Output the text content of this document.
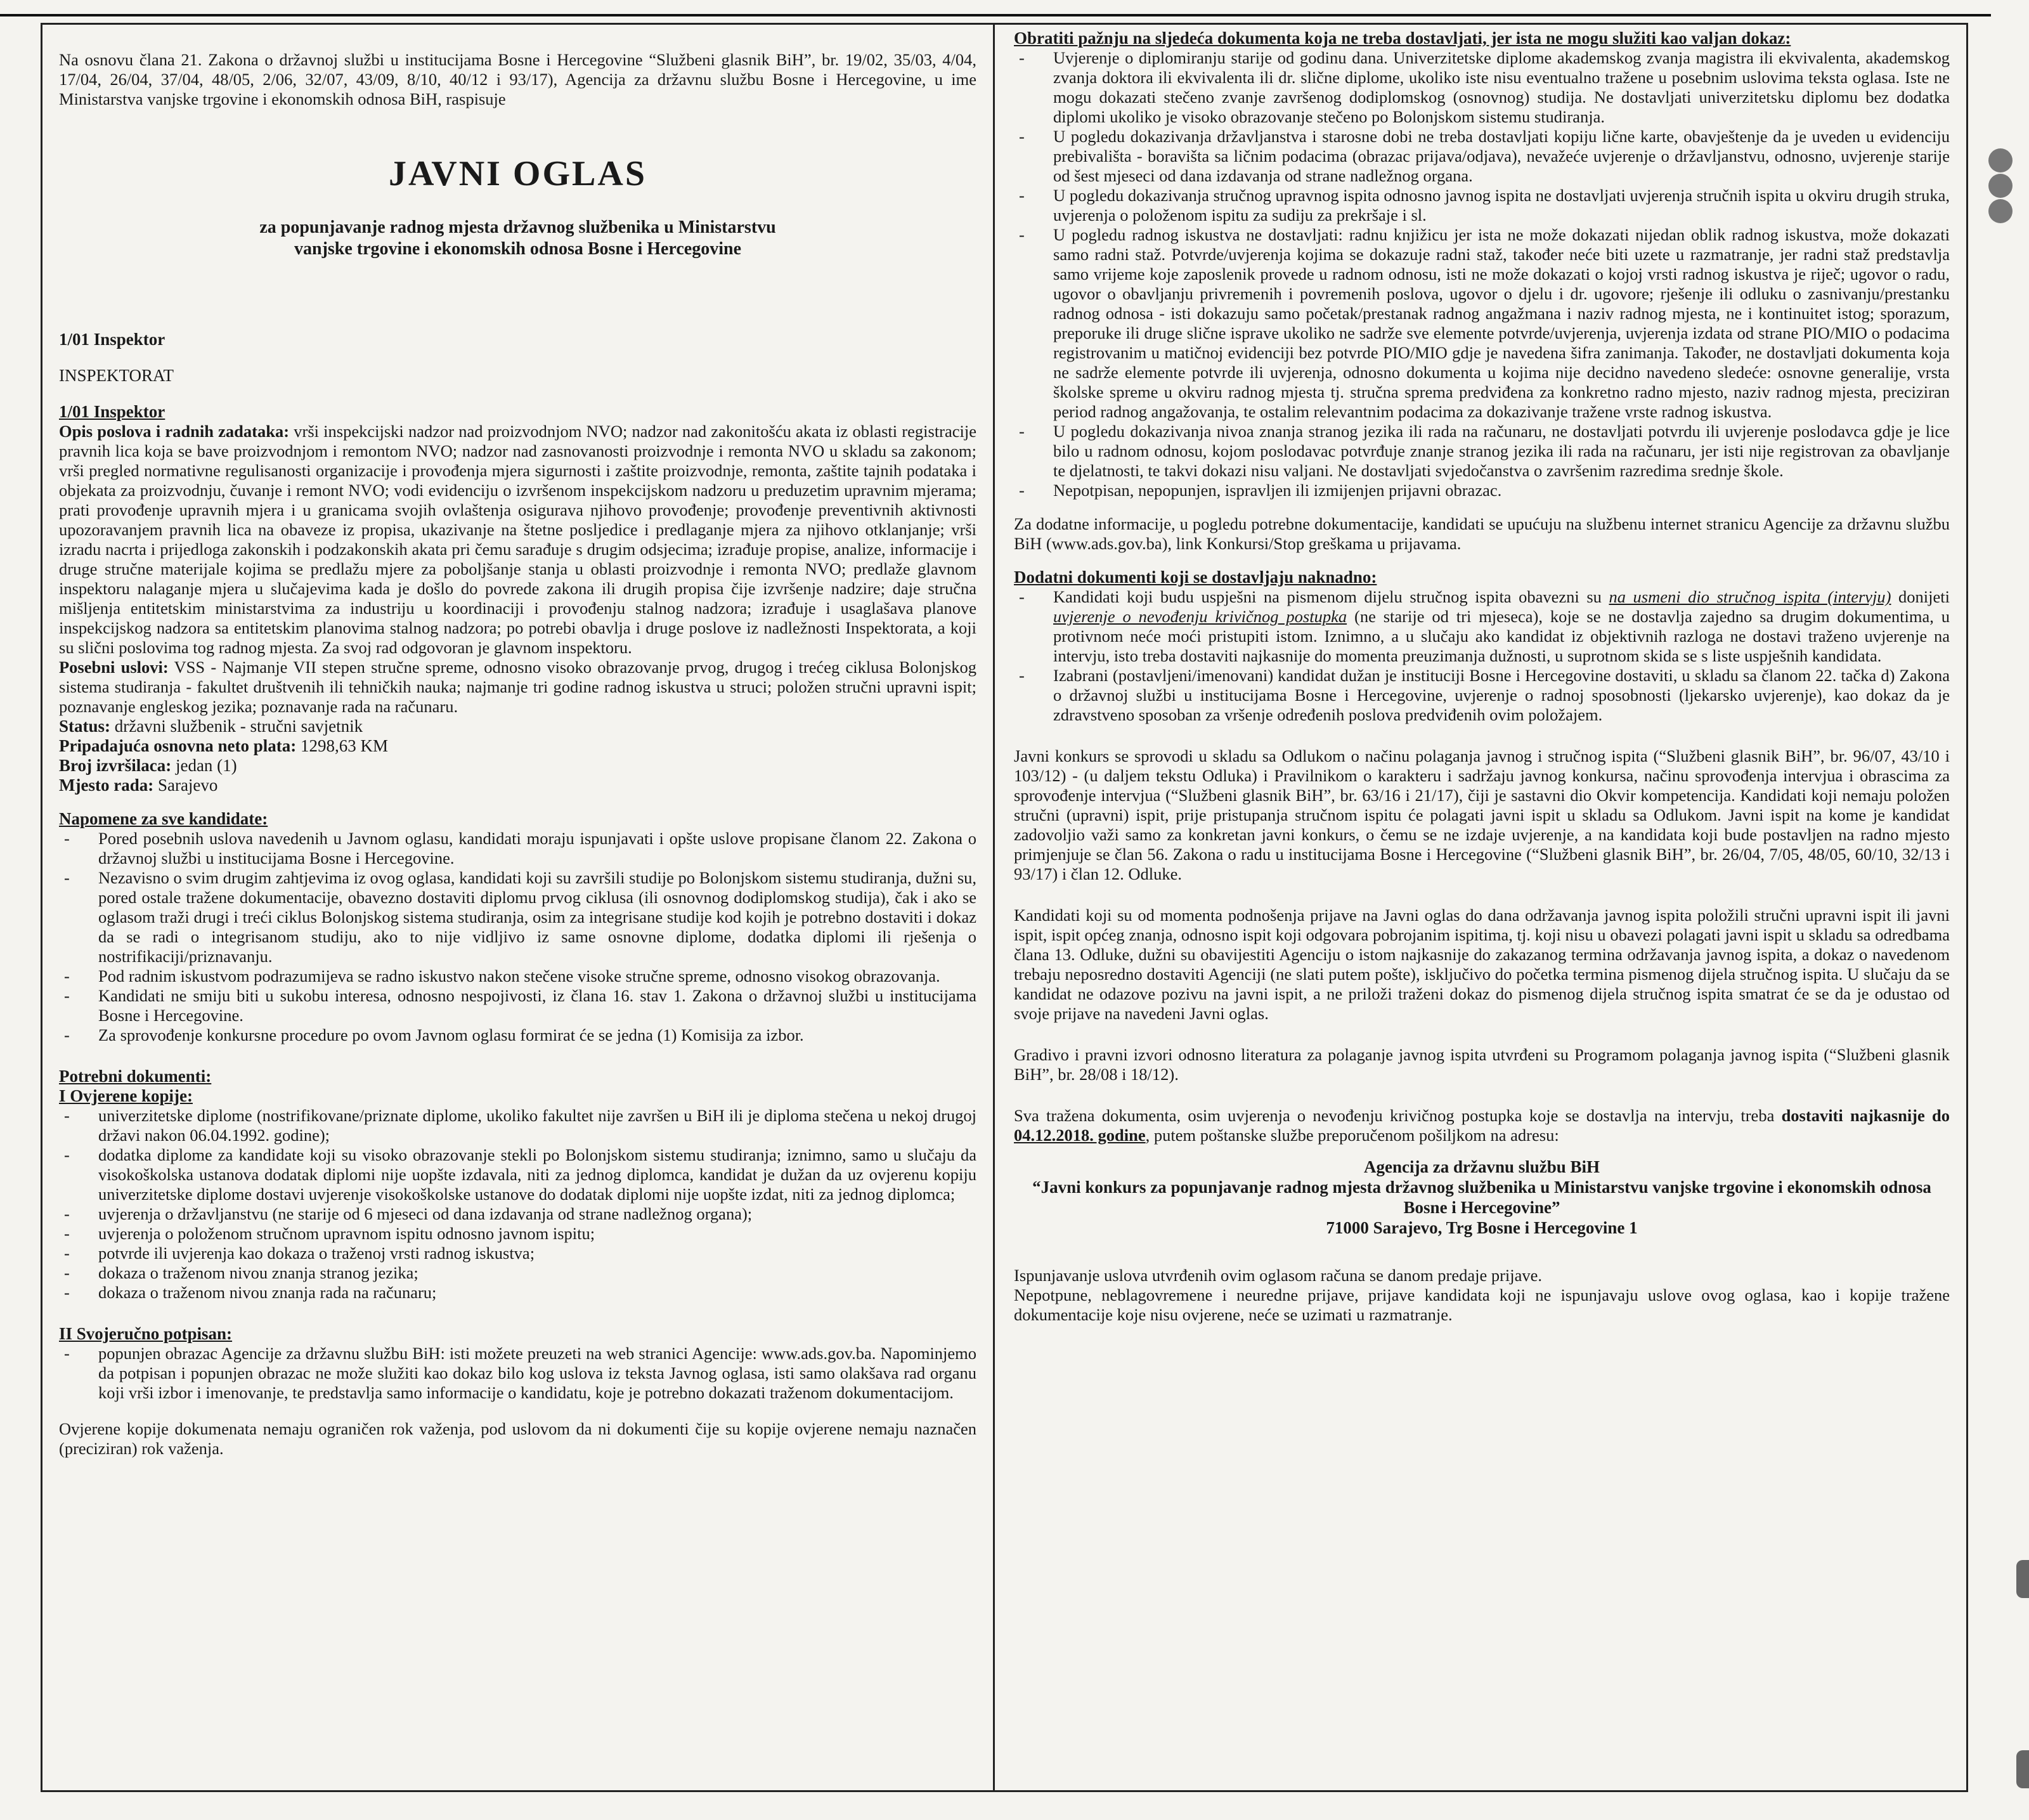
Na osnovu člana 21. Zakona o državnoj službi u institucijama Bosne i Hercegovine “Službeni glasnik BiH”, br. 19/02, 35/03, 4/04, 17/04, 26/04, 37/04, 48/05, 2/06, 32/07, 43/09, 8/10, 40/12 i 93/17), Agencija za državnu službu Bosne i Hercegovine, u ime Ministarstva vanjske trgovine i ekonomskih odnosa BiH, raspisuje

JAVNI OGLAS
za popunjavanje radnog mjesta državnog službenika u Ministarstvu
vanjske trgovine i ekonomskih odnosa Bosne i Hercegovine
1/01 Inspektor
INSPEKTORAT
1/01 Inspektor

Opis poslova i radnih zadataka: vrši inspekcijski nadzor nad proizvodnjom NVO; nadzor nad zakonitošću akata iz oblasti registracije pravnih lica koja se bave proizvodnjom i remontom NVO; nadzor nad zasnovanosti proizvodnje i remonta NVO u skladu sa zakonom; vrši pregled normativne regulisanosti organizacije i provođenja mjera sigurnosti i zaštite proizvodnje, remonta, zaštite tajnih podataka i objekata za proizvodnju, čuvanje i remont NVO; vodi evidenciju o izvršenom inspekcijskom nadzoru u preduzetim upravnim mjerama; prati provođenje upravnih mjera i u granicama svojih ovlaštenja osigurava njihovo provođenje; provođenje preventivnih aktivnosti upozoravanjem pravnih lica na obaveze iz propisa, ukazivanje na štetne posljedice i predlaganje mjera za njihovo otklanjanje; vrši izradu nacrta i prijedloga zakonskih i podzakonskih akata pri čemu sarađuje s drugim odsjecima; izrađuje propise, analize, informacije i druge stručne materijale kojima se predlažu mjere za poboljšanje stanja u oblasti proizvodnje i remonta NVO; predlaže glavnom inspektoru nalaganje mjera u slučajevima kada je došlo do povrede zakona ili drugih propisa čije izvršenje nadzire; daje stručna mišljenja entitetskim ministarstvima za industriju u koordinaciji i provođenju stalnog nadzora; izrađuje i usaglašava planove inspekcijskog nadzora sa entitetskim planovima stalnog nadzora; po potrebi obavlja i druge poslove iz nadležnosti Inspektorata, a koji su slični poslovima tog radnog mjesta. Za svoj rad odgovoran je glavnom inspektoru.

Posebni uslovi: VSS - Najmanje VII stepen stručne spreme, odnosno visoko obrazovanje prvog, drugog i trećeg ciklusa Bolonjskog sistema studiranja - fakultet društvenih ili tehničkih nauka; najmanje tri godine radnog iskustva u struci; položen stručni upravni ispit; poznavanje engleskog jezika; poznavanje rada na računaru.

Status: državni službenik - stručni savjetnik
Pripadajuća osnovna neto plata: 1298,63 KM
Broj izvršilaca: jedan (1)
Mjesto rada: Sarajevo
Napomene za sve kandidate:
- Pored posebnih uslova navedenih u Javnom oglasu, kandidati moraju ispunjavati i opšte uslove propisane članom 22. Zakona o državnoj službi u institucijama Bosne i Hercegovine.
- Nezavisno o svim drugim zahtjevima iz ovog oglasa, kandidati koji su završili studije po Bolonjskom sistemu studiranja, dužni su, pored ostale tražene dokumentacije, obavezno dostaviti diplomu prvog ciklusa (ili osnovnog dodiplomskog studija), čak i ako se oglasom traži drugi i treći ciklus Bolonjskog sistema studiranja, osim za integrisane studije kod kojih je potrebno dostaviti i dokaz da se radi o integrisanom studiju, ako to nije vidljivo iz same osnovne diplome, dodatka diplomi ili rješenja o nostrifikaciji/priznavanju.
- Pod radnim iskustvom podrazumijeva se radno iskustvo nakon stečene visoke stručne spreme, odnosno visokog obrazovanja.
- Kandidati ne smiju biti u sukobu interesa, odnosno nespojivosti, iz člana 16. stav 1. Zakona o državnoj službi u institucijama Bosne i Hercegovine.
- Za sprovođenje konkursne procedure po ovom Javnom oglasu formirat će se jedna (1) Komisija za izbor.
Potrebni dokumenti:
I Ovjerene kopije:
- univerzitetske diplome (nostrifikovane/priznate diplome, ukoliko fakultet nije završen u BiH ili je diploma stečena u nekoj drugoj državi nakon 06.04.1992. godine);
- dodatka diplome za kandidate koji su visoko obrazovanje stekli po Bolonjskom sistemu studiranja; iznimno, samo u slučaju da visokoškolska ustanova dodatak diplomi nije uopšte izdavala, niti za jednog diplomca, kandidat je dužan da uz ovjerenu kopiju univerzitetske diplome dostavi uvjerenje visokoškolske ustanove do dodatak diplomi nije uopšte izdat, niti za jednog diplomca;
- uvjerenja o državljanstvu (ne starije od 6 mjeseci od dana izdavanja od strane nadležnog organa);
- uvjerenja o položenom stručnom upravnom ispitu odnosno javnom ispitu;
- potvrde ili uvjerenja kao dokaza o traženoj vrsti radnog iskustva;
- dokaza o traženom nivou znanja stranog jezika;
- dokaza o traženom nivou znanja rada na računaru;
II Svojeručno potpisan:
- popunjen obrazac Agencije za državnu službu BiH: isti možete preuzeti na web stranici Agencije: www.ads.gov.ba. Napominjemo da potpisan i popunjen obrazac ne može služiti kao dokaz bilo kog uslova iz teksta Javnog oglasa, isti samo olakšava rad organu koji vrši izbor i imenovanje, te predstavlja samo informacije o kandidatu, koje je potrebno dokazati traženom dokumentacijom.

Ovjerene kopije dokumenata nemaju ograničen rok važenja, pod uslovom da ni dokumenti čije su kopije ovjerene nemaju naznačen (preciziran) rok važenja.

Obratiti pažnju na sljedeća dokumenta koja ne treba dostavljati, jer ista ne mogu služiti kao valjan dokaz:
- Uvjerenje o diplomiranju starije od godinu dana. Univerzitetske diplome akademskog zvanja magistra ili ekvivalenta, akademskog zvanja doktora ili ekvivalenta ili dr. slične diplome, ukoliko iste nisu eventualno tražene u posebnim uslovima teksta oglasa. Iste ne mogu dokazati stečeno zvanje završenog dodiplomskog (osnovnog) studija. Ne dostavljati univerzitetsku diplomu bez dodatka diplomi ukoliko je visoko obrazovanje stečeno po Bolonjskom sistemu studiranja.
- U pogledu dokazivanja državljanstva i starosne dobi ne treba dostavljati kopiju lične karte, obavještenje da je uveden u evidenciju prebivališta - boravišta sa ličnim podacima (obrazac prijava/odjava), nevažeće uvjerenje o državljanstvu, odnosno, uvjerenje starije od šest mjeseci od dana izdavanja od strane nadležnog organa.
- U pogledu dokazivanja stručnog upravnog ispita odnosno javnog ispita ne dostavljati uvjerenja stručnih ispita u okviru drugih struka, uvjerenja o položenom ispitu za sudiju za prekršaje i sl.
- U pogledu radnog iskustva ne dostavljati: radnu knjižicu jer ista ne može dokazati nijedan oblik radnog iskustva, može dokazati samo radni staž. Potvrde/uvjerenja kojima se dokazuje radni staž, također neće biti uzete u razmatranje, jer radni staž predstavlja samo vrijeme koje zaposlenik provede u radnom odnosu, isti ne može dokazati o kojoj vrsti radnog iskustva je riječ; ugovor o radu, ugovor o obavljanju privremenih i povremenih poslova, ugovor o djelu i dr. ugovore; rješenje ili odluku o zasnivanju/prestanku radnog odnosa - isti dokazuju samo početak/prestanak radnog angažmana i naziv radnog mjesta, ne i kontinuitet istog; sporazum, preporuke ili druge slične isprave ukoliko ne sadrže sve elemente potvrde/uvjerenja, uvjerenja izdata od strane PIO/MIO o podacima registrovanim u matičnoj evidenciji bez potvrde PIO/MIO gdje je navedena šifra zanimanja. Također, ne dostavljati dokumenta koja ne sadrže elemente potvrde ili uvjerenja, odnosno dokumenta u kojima nije decidno navedeno sledeće: osnovne generalije, vrsta školske spreme u okviru radnog mjesta tj. stručna sprema predviđena za konkretno radno mjesto, naziv radnog mjesta, preciziran period radnog angažovanja, te ostalim relevantnim podacima za dokazivanje tražene vrste radnog iskustva.
- U pogledu dokazivanja nivoa znanja stranog jezika ili rada na računaru, ne dostavljati potvrdu ili uvjerenje poslodavca gdje je lice bilo u radnom odnosu, kojom poslodavac potvrđuje znanje stranog jezika ili rada na računaru, jer isti nije registrovan za obavljanje te djelatnosti, te takvi dokazi nisu valjani. Ne dostavljati svjedočanstva o završenim razredima srednje škole.
- Nepotpisan, nepopunjen, ispravljen ili izmijenjen prijavni obrazac.

Za dodatne informacije, u pogledu potrebne dokumentacije, kandidati se upućuju na službenu internet stranicu Agencije za državnu službu BiH (www.ads.gov.ba), link Konkursi/Stop greškama u prijavama.

Dodatni dokumenti koji se dostavljaju naknadno:
- Kandidati koji budu uspješni na pismenom dijelu stručnog ispita obavezni su na usmeni dio stručnog ispita (intervju) donijeti uvjerenje o nevođenju krivičnog postupka (ne starije od tri mjeseca), koje se ne dostavlja zajedno sa drugim dokumentima, u protivnom neće moći pristupiti istom. Iznimno, a u slučaju ako kandidat iz objektivnih razloga ne dostavi traženo uvjerenje na intervju, isto treba dostaviti najkasnije do momenta preuzimanja dužnosti, u suprotnom skida se s liste uspješnih kandidata.
- Izabrani (postavljeni/imenovani) kandidat dužan je instituciji Bosne i Hercegovine dostaviti, u skladu sa članom 22. tačka d) Zakona o državnoj službi u institucijama Bosne i Hercegovine, uvjerenje o radnoj sposobnosti (ljekarsko uvjerenje), kao dokaz da je zdravstveno sposoban za vršenje određenih poslova predviđenih ovim položajem.

Javni konkurs se sprovodi u skladu sa Odlukom o načinu polaganja javnog i stručnog ispita (“Službeni glasnik BiH”, br. 96/07, 43/10 i 103/12) - (u daljem tekstu Odluka) i Pravilnikom o karakteru i sadržaju javnog konkursa, načinu sprovođenja intervjua i obrascima za sprovođenje intervjua (“Službeni glasnik BiH”, br. 63/16 i 21/17), čiji je sastavni dio Okvir kompetencija. Kandidati koji nemaju položen stručni (upravni) ispit, prije pristupanja stručnom ispitu će polagati javni ispit u skladu sa Odlukom. Javni ispit na kome je kandidat zadovoljio važi samo za konkretan javni konkurs, o čemu se ne izdaje uvjerenje, a na kandidata koji bude postavljen na radno mjesto primjenjuje se član 56. Zakona o radu u institucijama Bosne i Hercegovine (“Službeni glasnik BiH”, br. 26/04, 7/05, 48/05, 60/10, 32/13 i 93/17) i član 12. Odluke.

Kandidati koji su od momenta podnošenja prijave na Javni oglas do dana održavanja javnog ispita položili stručni upravni ispit ili javni ispit, ispit općeg znanja, odnosno ispit koji odgovara pobrojanim ispitima, tj. koji nisu u obavezi polagati javni ispit u skladu sa odredbama člana 13. Odluke, dužni su obavijestiti Agenciju o istom najkasnije do zakazanog termina održavanja javnog ispita, a dokaz o navedenom trebaju neposredno dostaviti Agenciji (ne slati putem pošte), isključivo do početka termina pismenog dijela stručnog ispita. U slučaju da se kandidat ne odazove pozivu na javni ispit, a ne priloži traženi dokaz do pismenog dijela stručnog ispita smatrat će se da je odustao od svoje prijave na navedeni Javni oglas.

Gradivo i pravni izvori odnosno literatura za polaganje javnog ispita utvrđeni su Programom polaganja javnog ispita (“Službeni glasnik BiH”, br. 28/08 i 18/12).

Sva tražena dokumenta, osim uvjerenja o nevođenju krivičnog postupka koje se dostavlja na intervju, treba dostaviti najkasnije do 04.12.2018. godine, putem poštanske službe preporučenom pošiljkom na adresu:

Agencija za državnu službu BiH
“Javni konkurs za popunjavanje radnog mjesta državnog službenika u Ministarstvu vanjske trgovine i ekonomskih odnosa Bosne i Hercegovine”
71000 Sarajevo, Trg Bosne i Hercegovine 1

Ispunjavanje uslova utvrđenih ovim oglasom računa se danom predaje prijave.

Nepotpune, neblagovremene i neuredne prijave, prijave kandidata koji ne ispunjavaju uslove ovog oglasa, kao i kopije tražene dokumentacije koje nisu ovjerene, neće se uzimati u razmatranje.
